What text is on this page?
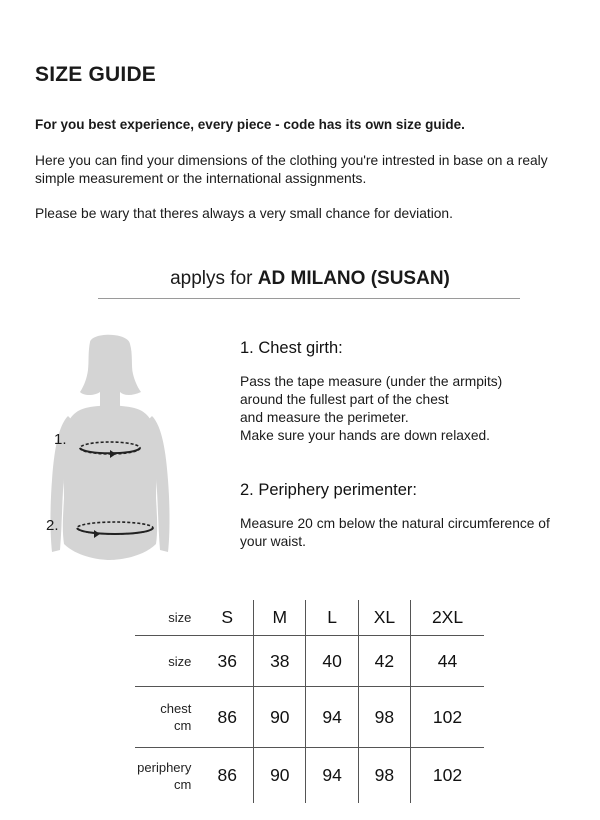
SIZE GUIDE

For you best experience, every piece - code has its own size guide.

Here you can find your dimensions of the clothing you're intrested in base on a realy simple measurement or the international assignments.

Please be wary that theres always a very small chance for deviation.

applys for AD MILANO (SUSAN)
1.
2.
1. Chest girth:

Pass the tape measure (under the armpits)
around the fullest part of the chest
and measure the perimeter.
Make sure your hands are down relaxed.

2. Periphery perimenter:

Measure 20 cm below the natural circumference of your waist.

size	S	M	L	XL	2XL

size	36	38	40	42	44

chest
cm	86	90	94	98	102

periphery
cm	86	90	94	98	102
